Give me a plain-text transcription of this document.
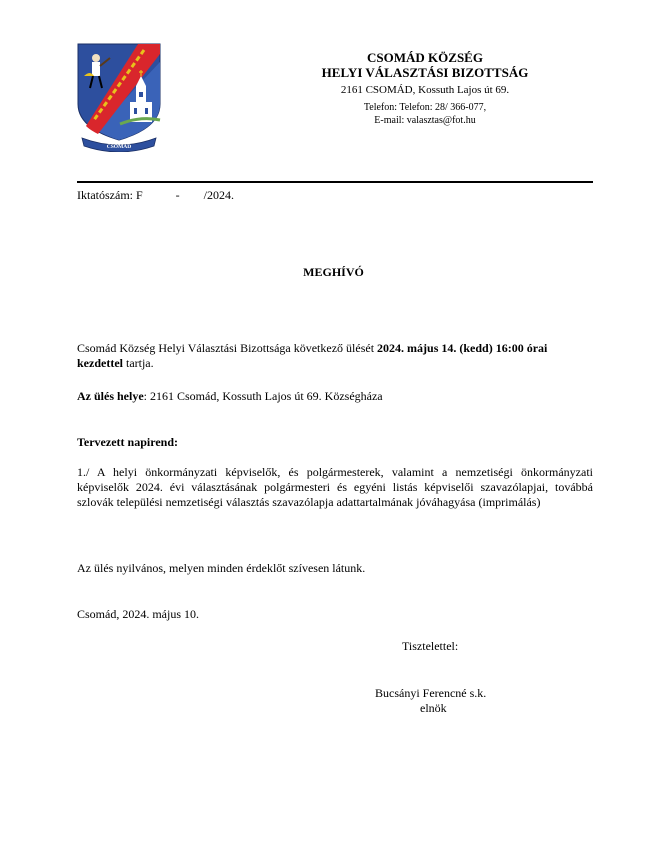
CSOMÁD
CSOMÁD KÖZSÉG
HELYI VÁLASZTÁSI BIZOTTSÁG
2161 CSOMÁD, Kossuth Lajos út 69.
Telefon: Telefon: 28/ 366-077,
E-mail: valasztas@fot.hu
Iktatószám: F           -        /2024.
MEGHÍVÓ
Csomád Község Helyi Választási Bizottsága következő ülését 2024. május 14. (kedd) 16:00 órai kezdettel tartja.
Az ülés helye: 2161 Csomád, Kossuth Lajos út 69. Községháza
Tervezett napirend:
1./ A helyi önkormányzati képviselők, és polgármesterek, valamint a nemzetiségi önkormányzati képviselők 2024. évi választásának polgármesteri és egyéni listás képviselői szavazólapjai, továbbá szlovák települési nemzetiségi választás szavazólapja adattartalmának jóváhagyása (imprimálás)
Az ülés nyilvános, melyen minden érdeklőt szívesen látunk.
Csomád, 2024. május 10.
Tisztelettel:
Bucsányi Ferencné s.k.
elnök
